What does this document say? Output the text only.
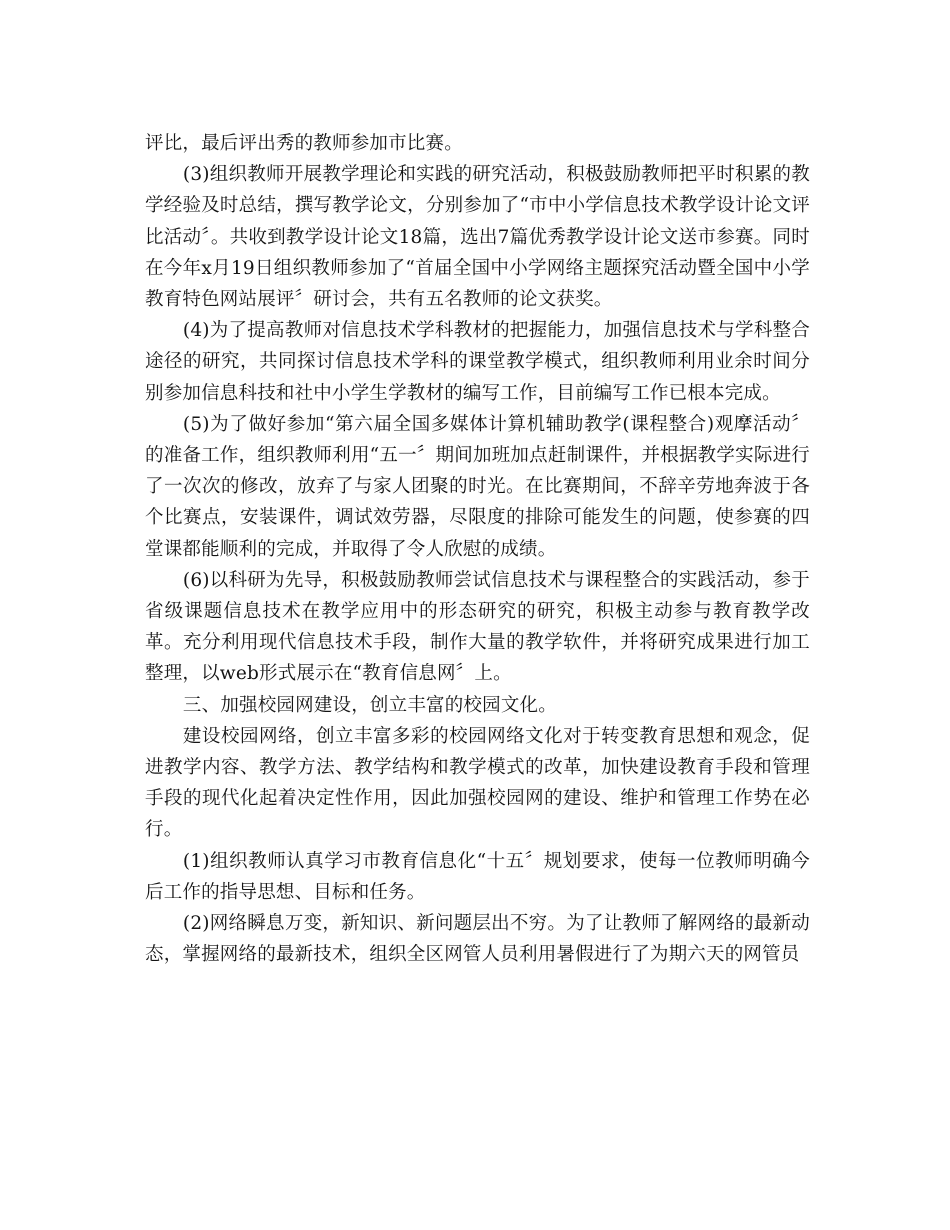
评比，最后评出秀的教师参加市比赛。

(3)组织教师开展教学理论和实践的研究活动，积极鼓励教师把平时积累的教学经验及时总结，撰写教学论文，分别参加了“市中小学信息技术教学设计论文评比活动〞。共收到教学设计论文18篇，选出7篇优秀教学设计论文送市参赛。同时在今年x月19日组织教师参加了“首届全国中小学网络主题探究活动暨全国中小学教育特色网站展评〞研讨会，共有五名教师的论文获奖。

(4)为了提高教师对信息技术学科教材的把握能力，加强信息技术与学科整合途径的研究，共同探讨信息技术学科的课堂教学模式，组织教师利用业余时间分别参加信息科技和社中小学生学教材的编写工作，目前编写工作已根本完成。

(5)为了做好参加“第六届全国多媒体计算机辅助教学(课程整合)观摩活动〞的准备工作，组织教师利用“五一〞期间加班加点赶制课件，并根据教学实际进行了一次次的修改，放弃了与家人团聚的时光。在比赛期间，不辞辛劳地奔波于各个比赛点，安装课件，调试效劳器，尽限度的排除可能发生的问题，使参赛的四堂课都能顺利的完成，并取得了令人欣慰的成绩。

(6)以科研为先导，积极鼓励教师尝试信息技术与课程整合的实践活动，参于省级课题信息技术在教学应用中的形态研究的研究，积极主动参与教育教学改革。充分利用现代信息技术手段，制作大量的教学软件，并将研究成果进行加工整理，以web形式展示在“教育信息网〞上。

三、加强校园网建设，创立丰富的校园文化。

建设校园网络，创立丰富多彩的校园网络文化对于转变教育思想和观念，促进教学内容、教学方法、教学结构和教学模式的改革，加快建设教育手段和管理手段的现代化起着决定性作用，因此加强校园网的建设、维护和管理工作势在必行。

(1)组织教师认真学习市教育信息化“十五〞规划要求，使每一位教师明确今后工作的指导思想、目标和任务。

(2)网络瞬息万变，新知识、新问题层出不穷。为了让教师了解网络的最新动态，掌握网络的最新技术，组织全区网管人员利用暑假进行了为期六天的网管员
